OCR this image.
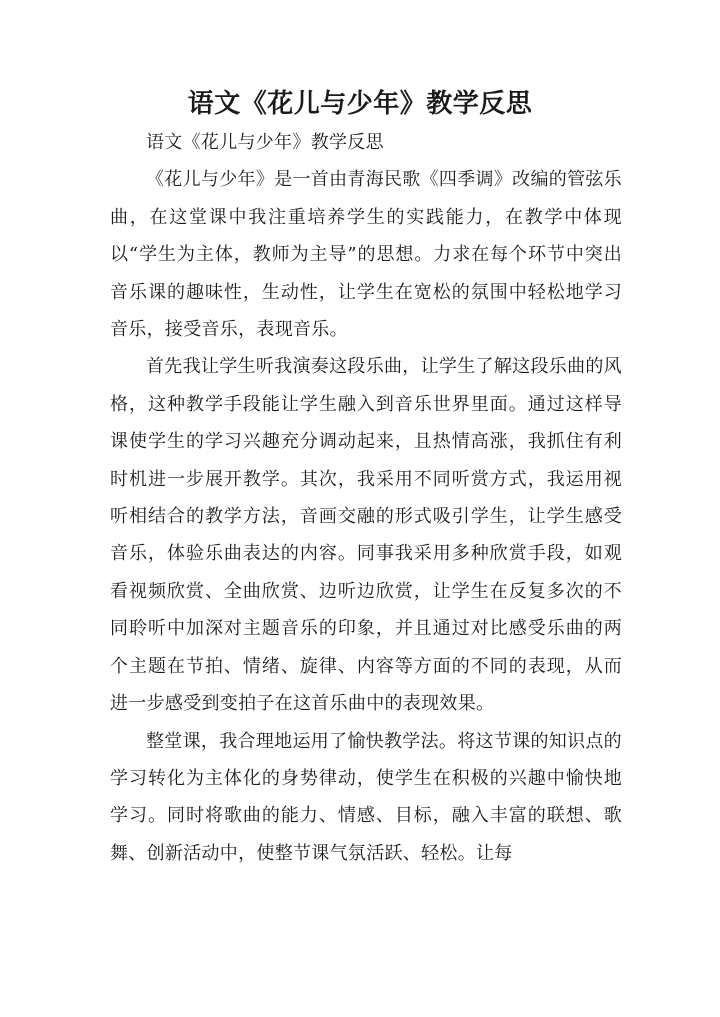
语文《花儿与少年》教学反思

语文《花儿与少年》教学反思

《花儿与少年》是一首由青海民歌《四季调》改编的管弦乐曲，在这堂课中我注重培养学生的实践能力，在教学中体现以“学生为主体，教师为主导”的思想。力求在每个环节中突出音乐课的趣味性，生动性，让学生在宽松的氛围中轻松地学习音乐，接受音乐，表现音乐。

首先我让学生听我演奏这段乐曲，让学生了解这段乐曲的风格，这种教学手段能让学生融入到音乐世界里面。通过这样导课使学生的学习兴趣充分调动起来，且热情高涨，我抓住有利时机进一步展开教学。其次，我采用不同听赏方式，我运用视听相结合的教学方法，音画交融的形式吸引学生，让学生感受音乐，体验乐曲表达的内容。同事我采用多种欣赏手段，如观看视频欣赏、全曲欣赏、边听边欣赏，让学生在反复多次的不同聆听中加深对主题音乐的印象，并且通过对比感受乐曲的两个主题在节拍、情绪、旋律、内容等方面的不同的表现，从而进一步感受到变拍子在这首乐曲中的表现效果。

整堂课，我合理地运用了愉快教学法。将这节课的知识点的学习转化为主体化的身势律动，使学生在积极的兴趣中愉快地学习。同时将歌曲的能力、情感、目标，融入丰富的联想、歌舞、创新活动中，使整节课气氛活跃、轻松。让每
